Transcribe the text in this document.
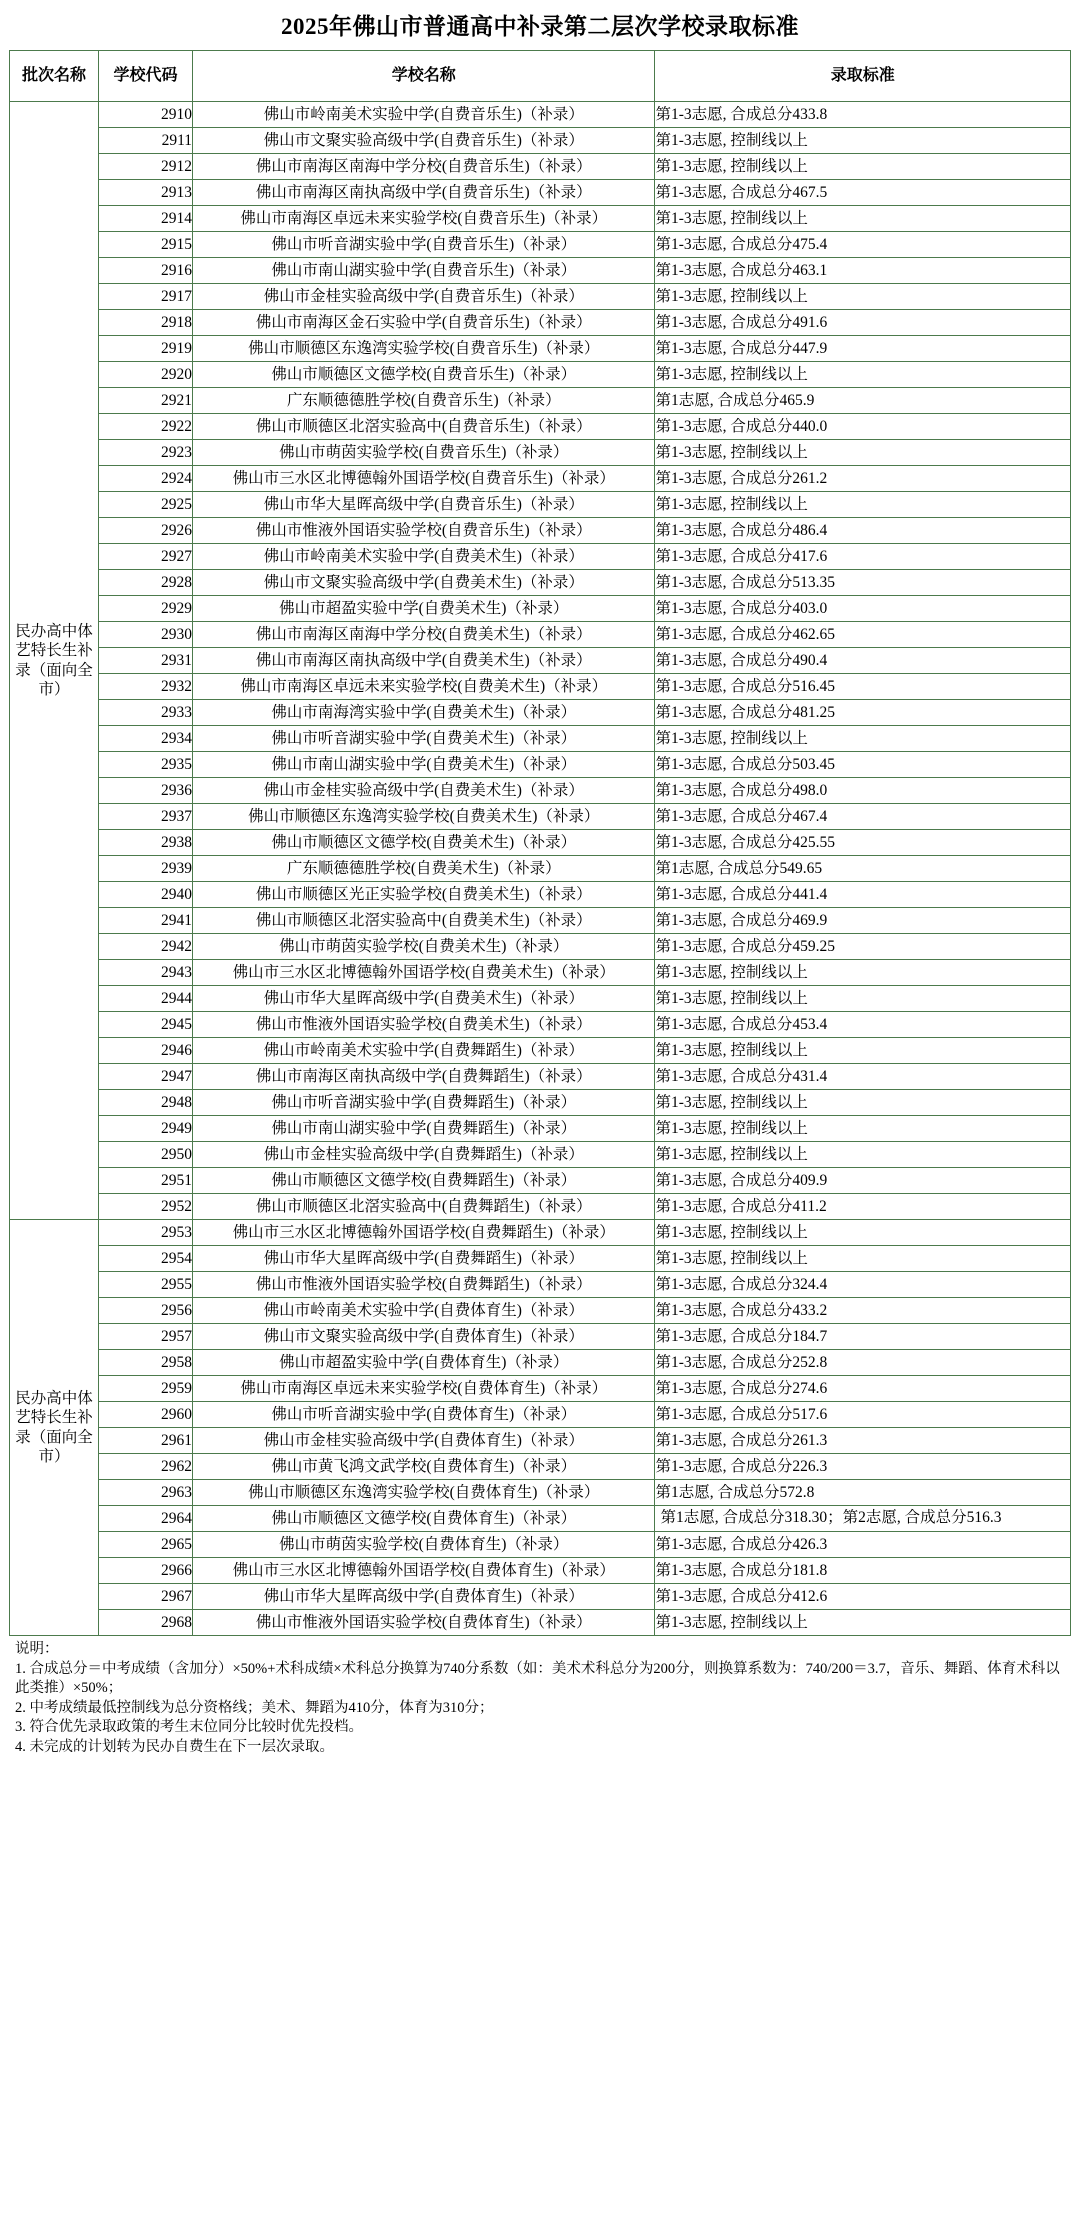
2025年佛山市普通高中补录第二层次学校录取标准
批次名称	学校代码	学校名称	录取标准
民办高中体艺特长生补录（面向全市）	2910	佛山市岭南美术实验中学(自费音乐生)（补录）	第1-3志愿, 合成总分433.8
	2911	佛山市文聚实验高级中学(自费音乐生)（补录）	第1-3志愿, 控制线以上
	2912	佛山市南海区南海中学分校(自费音乐生)（补录）	第1-3志愿, 控制线以上
	2913	佛山市南海区南执高级中学(自费音乐生)（补录）	第1-3志愿, 合成总分467.5
	2914	佛山市南海区卓远未来实验学校(自费音乐生)（补录）	第1-3志愿, 控制线以上
	2915	佛山市听音湖实验中学(自费音乐生)（补录）	第1-3志愿, 合成总分475.4
	2916	佛山市南山湖实验中学(自费音乐生)（补录）	第1-3志愿, 合成总分463.1
	2917	佛山市金桂实验高级中学(自费音乐生)（补录）	第1-3志愿, 控制线以上
	2918	佛山市南海区金石实验中学(自费音乐生)（补录）	第1-3志愿, 合成总分491.6
	2919	佛山市顺德区东逸湾实验学校(自费音乐生)（补录）	第1-3志愿, 合成总分447.9
	2920	佛山市顺德区文德学校(自费音乐生)（补录）	第1-3志愿, 控制线以上
	2921	广东顺德德胜学校(自费音乐生)（补录）	第1志愿, 合成总分465.9
	2922	佛山市顺德区北滘实验高中(自费音乐生)（补录）	第1-3志愿, 合成总分440.0
	2923	佛山市萌茵实验学校(自费音乐生)（补录）	第1-3志愿, 控制线以上
	2924	佛山市三水区北博德翰外国语学校(自费音乐生)（补录）	第1-3志愿, 合成总分261.2
	2925	佛山市华大星晖高级中学(自费音乐生)（补录）	第1-3志愿, 控制线以上
	2926	佛山市惟液外国语实验学校(自费音乐生)（补录）	第1-3志愿, 合成总分486.4
	2927	佛山市岭南美术实验中学(自费美术生)（补录）	第1-3志愿, 合成总分417.6
	2928	佛山市文聚实验高级中学(自费美术生)（补录）	第1-3志愿, 合成总分513.35
	2929	佛山市超盈实验中学(自费美术生)（补录）	第1-3志愿, 合成总分403.0
	2930	佛山市南海区南海中学分校(自费美术生)（补录）	第1-3志愿, 合成总分462.65
	2931	佛山市南海区南执高级中学(自费美术生)（补录）	第1-3志愿, 合成总分490.4
	2932	佛山市南海区卓远未来实验学校(自费美术生)（补录）	第1-3志愿, 合成总分516.45
	2933	佛山市南海湾实验中学(自费美术生)（补录）	第1-3志愿, 合成总分481.25
	2934	佛山市听音湖实验中学(自费美术生)（补录）	第1-3志愿, 控制线以上
	2935	佛山市南山湖实验中学(自费美术生)（补录）	第1-3志愿, 合成总分503.45
	2936	佛山市金桂实验高级中学(自费美术生)（补录）	第1-3志愿, 合成总分498.0
	2937	佛山市顺德区东逸湾实验学校(自费美术生)（补录）	第1-3志愿, 合成总分467.4
	2938	佛山市顺德区文德学校(自费美术生)（补录）	第1-3志愿, 合成总分425.55
	2939	广东顺德德胜学校(自费美术生)（补录）	第1志愿, 合成总分549.65
	2940	佛山市顺德区光正实验学校(自费美术生)（补录）	第1-3志愿, 合成总分441.4
	2941	佛山市顺德区北滘实验高中(自费美术生)（补录）	第1-3志愿, 合成总分469.9
	2942	佛山市萌茵实验学校(自费美术生)（补录）	第1-3志愿, 合成总分459.25
	2943	佛山市三水区北博德翰外国语学校(自费美术生)（补录）	第1-3志愿, 控制线以上
	2944	佛山市华大星晖高级中学(自费美术生)（补录）	第1-3志愿, 控制线以上
	2945	佛山市惟液外国语实验学校(自费美术生)（补录）	第1-3志愿, 合成总分453.4
	2946	佛山市岭南美术实验中学(自费舞蹈生)（补录）	第1-3志愿, 控制线以上
	2947	佛山市南海区南执高级中学(自费舞蹈生)（补录）	第1-3志愿, 合成总分431.4
	2948	佛山市听音湖实验中学(自费舞蹈生)（补录）	第1-3志愿, 控制线以上
	2949	佛山市南山湖实验中学(自费舞蹈生)（补录）	第1-3志愿, 控制线以上
	2950	佛山市金桂实验高级中学(自费舞蹈生)（补录）	第1-3志愿, 控制线以上
	2951	佛山市顺德区文德学校(自费舞蹈生)（补录）	第1-3志愿, 合成总分409.9
	2952	佛山市顺德区北滘实验高中(自费舞蹈生)（补录）	第1-3志愿, 合成总分411.2
民办高中体艺特长生补录（面向全市）	2953	佛山市三水区北博德翰外国语学校(自费舞蹈生)（补录）	第1-3志愿, 控制线以上
	2954	佛山市华大星晖高级中学(自费舞蹈生)（补录）	第1-3志愿, 控制线以上
	2955	佛山市惟液外国语实验学校(自费舞蹈生)（补录）	第1-3志愿, 合成总分324.4
	2956	佛山市岭南美术实验中学(自费体育生)（补录）	第1-3志愿, 合成总分433.2
	2957	佛山市文聚实验高级中学(自费体育生)（补录）	第1-3志愿, 合成总分184.7
	2958	佛山市超盈实验中学(自费体育生)（补录）	第1-3志愿, 合成总分252.8
	2959	佛山市南海区卓远未来实验学校(自费体育生)（补录）	第1-3志愿, 合成总分274.6
	2960	佛山市听音湖实验中学(自费体育生)（补录）	第1-3志愿, 合成总分517.6
	2961	佛山市金桂实验高级中学(自费体育生)（补录）	第1-3志愿, 合成总分261.3
	2962	佛山市黄飞鸿文武学校(自费体育生)（补录）	第1-3志愿, 合成总分226.3
	2963	佛山市顺德区东逸湾实验学校(自费体育生)（补录）	第1志愿, 合成总分572.8
	2964	佛山市顺德区文德学校(自费体育生)（补录）	第1志愿, 合成总分318.30；第2志愿, 合成总分516.3
	2965	佛山市萌茵实验学校(自费体育生)（补录）	第1-3志愿, 合成总分426.3
	2966	佛山市三水区北博德翰外国语学校(自费体育生)（补录）	第1-3志愿, 合成总分181.8
	2967	佛山市华大星晖高级中学(自费体育生)（补录）	第1-3志愿, 合成总分412.6
	2968	佛山市惟液外国语实验学校(自费体育生)（补录）	第1-3志愿, 控制线以上
说明：
1. 合成总分＝中考成绩（含加分）×50%+术科成绩×术科总分换算为740分系数（如：美术术科总分为200分，则换算系数为：740/200＝3.7，音乐、舞蹈、体育术科以此类推）×50%；
2. 中考成绩最低控制线为总分资格线；美术、舞蹈为410分，体育为310分；
3. 符合优先录取政策的考生末位同分比较时优先投档。
4. 未完成的计划转为民办自费生在下一层次录取。
